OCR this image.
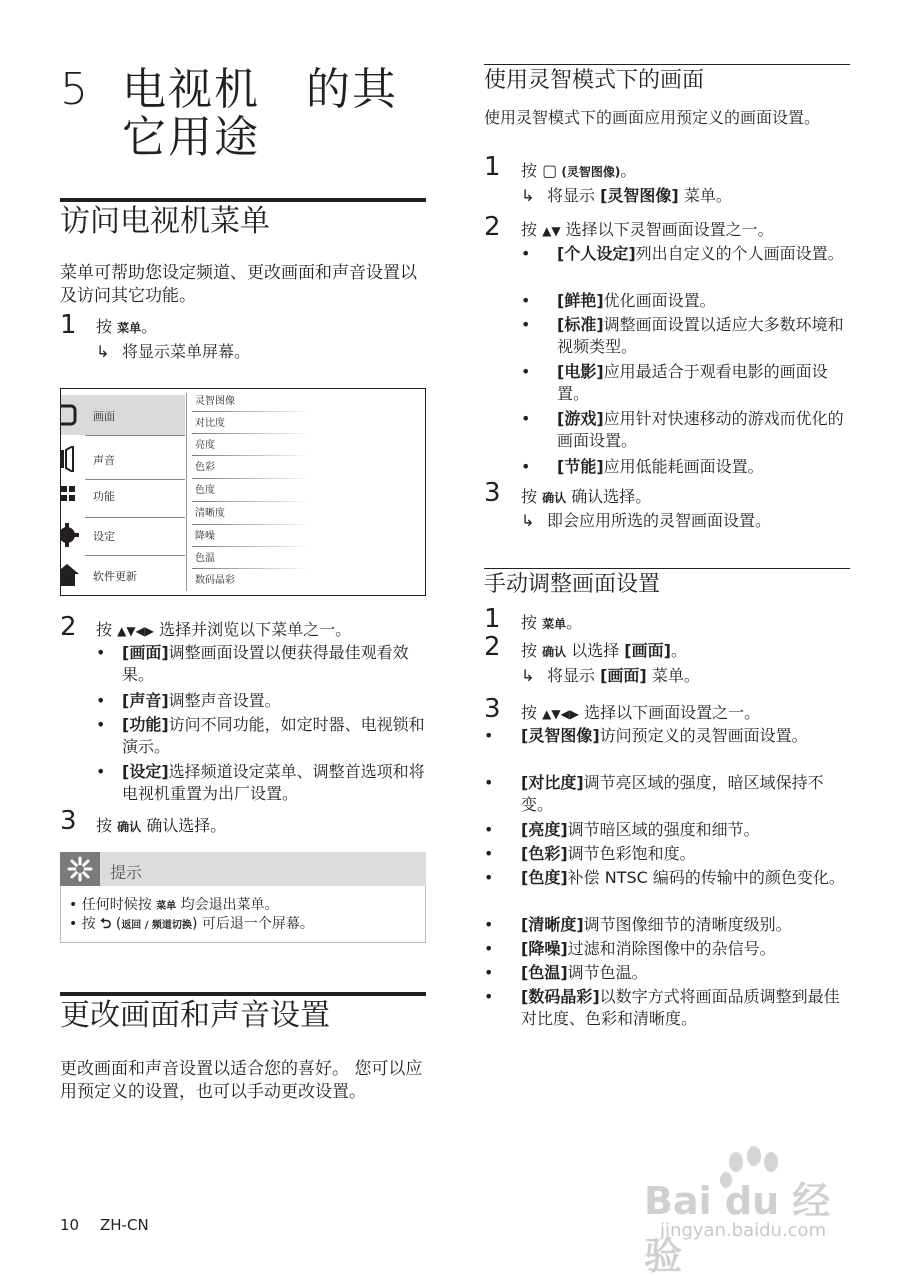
5 电视机　的其它用途
访问电视机菜单
菜单可帮助您设定频道、更改画面和声音设置以及访问其它功能。
1	按 菜单。
↳ 将显示菜单屏幕。
画面
声音
功能
设定
软件更新
灵智图像
对比度
亮度
色彩
色度
清晰度
降噪
色温
数码晶彩
2	按 ▲▼◀▶ 选择并浏览以下菜单之一。
• [画面]调整画面设置以便获得最佳观看效果。
• [声音]调整声音设置。
• [功能]访问不同功能，如定时器、电视锁和演示。
• [设定]选择频道设定菜单、调整首选项和将电视机重置为出厂设置。
3	按 确认 确认选择。
提示
• 任何时候按 菜单 均会退出菜单。
• 按 ⮌ (返回 / 频道切换) 可后退一个屏幕。
更改画面和声音设置
更改画面和声音设置以适合您的喜好。 您可以应用预定义的设置，也可以手动更改设置。
使用灵智模式下的画面
使用灵智模式下的画面应用预定义的画面设置。
1	按 ▢ (灵智图像)。
↳ 将显示 [灵智图像] 菜单。
2	按 ▲▼ 选择以下灵智画面设置之一。
• [个人设定]列出自定义的个人画面设置。
• [鲜艳]优化画面设置。
• [标准]调整画面设置以适应大多数环境和视频类型。
• [电影]应用最适合于观看电影的画面设置。
• [游戏]应用针对快速移动的游戏而优化的画面设置。
• [节能]应用低能耗画面设置。
3	按 确认 确认选择。
↳ 即会应用所选的灵智画面设置。
手动调整画面设置
1	按 菜单。
2	按 确认 以选择 [画面]。
↳ 将显示 [画面] 菜单。
3	按 ▲▼◀▶ 选择以下画面设置之一。
• [灵智图像]访问预定义的灵智画面设置。
• [对比度]调节亮区域的强度，暗区域保持不变。
• [亮度]调节暗区域的强度和细节。
• [色彩]调节色彩饱和度。
• [色度]补偿 NTSC 编码的传输中的颜色变化。
• [清晰度]调节图像细节的清晰度级别。
• [降噪]过滤和消除图像中的杂信号。
• [色温]调节色温。
• [数码晶彩]以数字方式将画面品质调整到最佳对比度、色彩和清晰度。
10 ZH-CN
Bai du 经验
jingyan.baidu.com
